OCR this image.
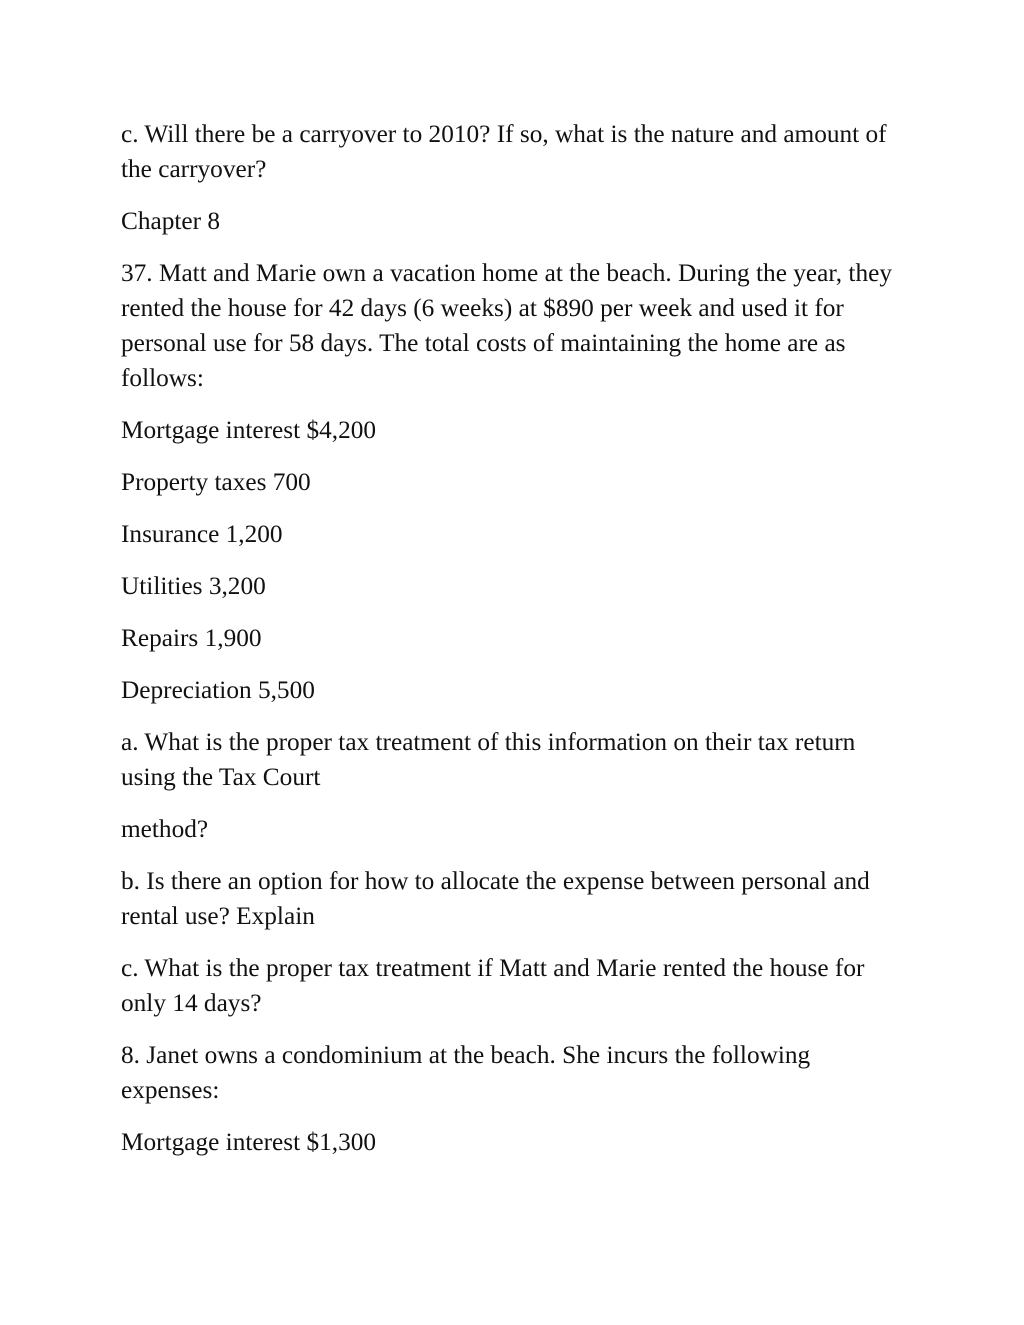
c. Will there be a carryover to 2010? If so, what is the nature and amount of the carryover?

Chapter 8

37. Matt and Marie own a vacation home at the beach. During the year, they rented the house for 42 days (6 weeks) at $890 per week and used it for personal use for 58 days. The total costs of maintaining the home are as follows:

Mortgage interest $4,200

Property taxes 700

Insurance 1,200

Utilities 3,200

Repairs 1,900

Depreciation 5,500

a. What is the proper tax treatment of this information on their tax return using the Tax Court

method?

b. Is there an option for how to allocate the expense between personal and rental use? Explain

c. What is the proper tax treatment if Matt and Marie rented the house for only 14 days?

8. Janet owns a condominium at the beach. She incurs the following expenses:

Mortgage interest $1,300
